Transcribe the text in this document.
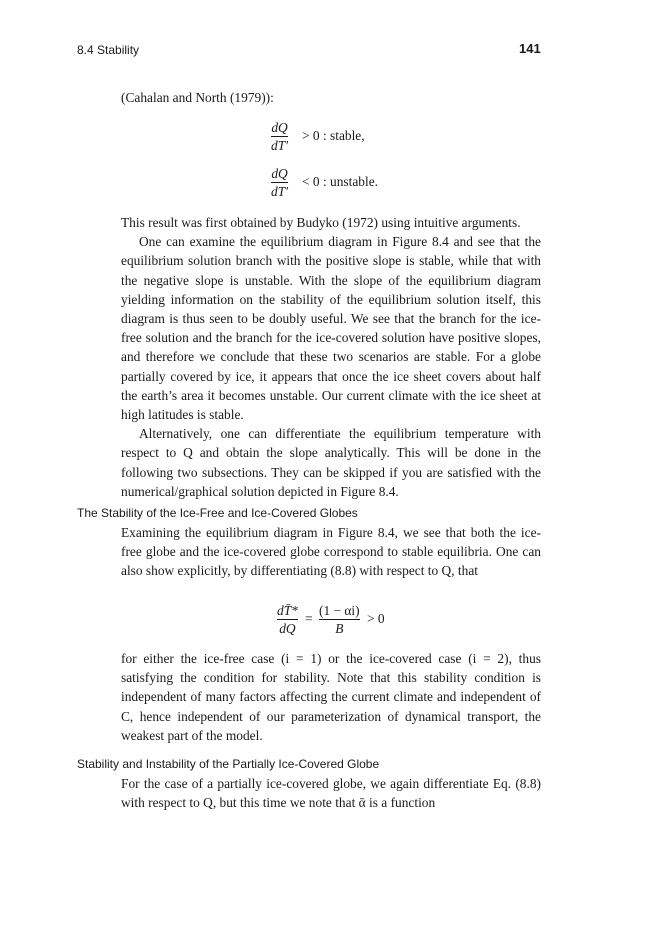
8.4 Stability	141

(Cahalan and North (1979)):

dQ
dT′
> 0 : stable,
dQ
dT′
< 0 : unstable.

This result was first obtained by Budyko (1972) using intuitive arguments.

One can examine the equilibrium diagram in Figure 8.4 and see that the equilibrium solution branch with the positive slope is stable, while that with the negative slope is unstable. With the slope of the equilibrium diagram yielding information on the stability of the equilibrium solution itself, this diagram is thus seen to be doubly useful. We see that the branch for the ice-free solution and the branch for the ice-covered solution have positive slopes, and therefore we conclude that these two scenarios are stable. For a globe partially covered by ice, it appears that once the ice sheet covers about half the earth’s area it becomes unstable. Our current climate with the ice sheet at high latitudes is stable.

Alternatively, one can differentiate the equilibrium temperature with respect to Q and obtain the slope analytically. This will be done in the following two subsections. They can be skipped if you are satisfied with the numerical/graphical solution depicted in Figure 8.4.

The Stability of the Ice-Free and Ice-Covered Globes

Examining the equilibrium diagram in Figure 8.4, we see that both the ice-free globe and the ice-covered globe correspond to stable equilibria. One can also show explicitly, by differentiating (8.8) with respect to Q, that

dT̄*
dQ
=
(1 − αi)
B
> 0

for either the ice-free case (i = 1) or the ice-covered case (i = 2), thus satisfying the condition for stability. Note that this stability condition is independent of many factors affecting the current climate and independent of C, hence independent of our parameterization of dynamical transport, the weakest part of the model.

Stability and Instability of the Partially Ice-Covered Globe

For the case of a partially ice-covered globe, we again differentiate Eq. (8.8) with respect to Q, but this time we note that ᾱ is a function
